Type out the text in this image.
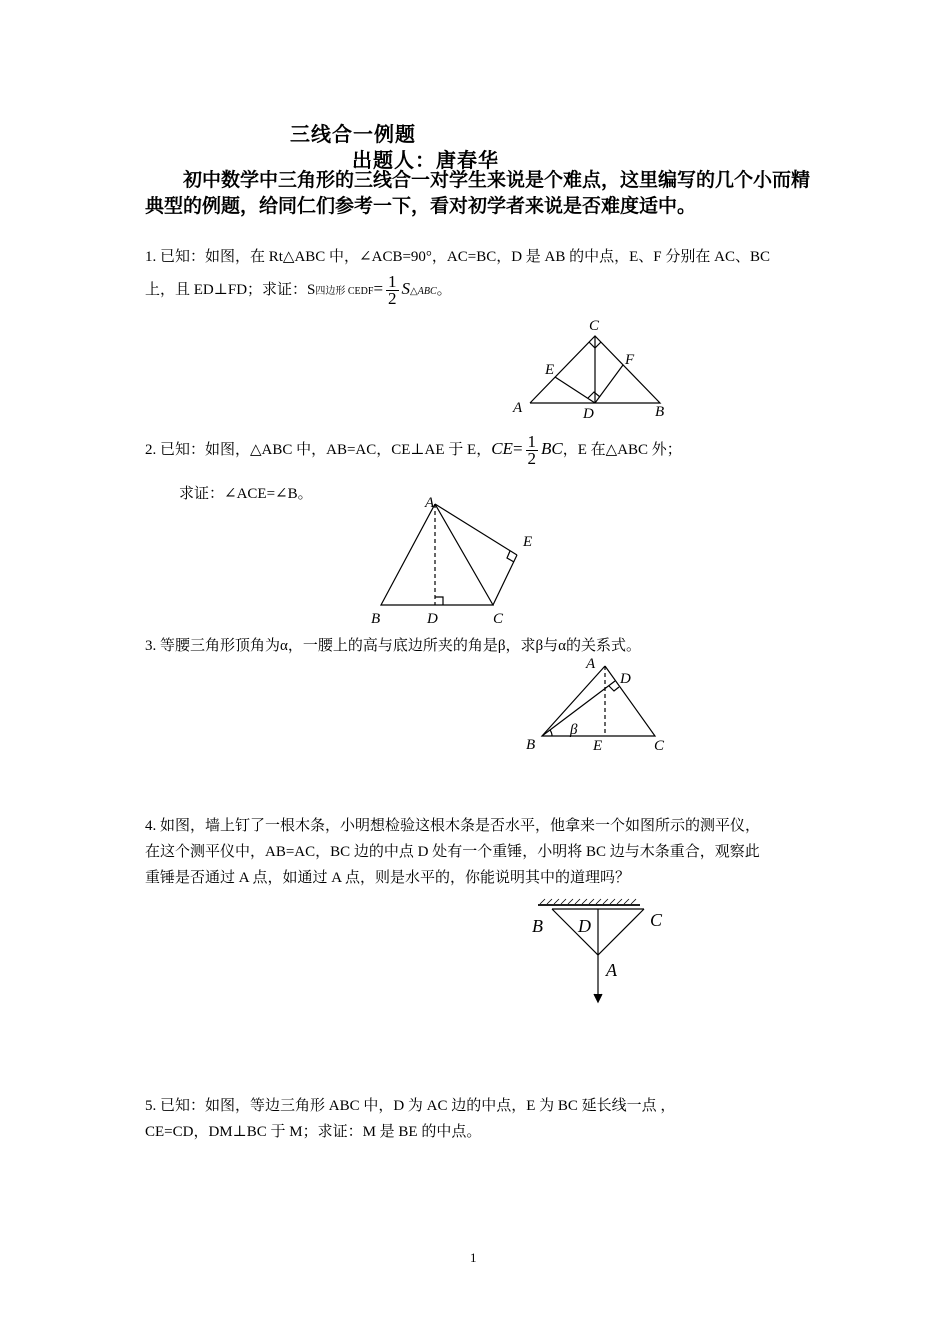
三线合一例题
出题人：唐春华
初中数学中三角形的三线合一对学生来说是个难点，这里编写的几个小而精典型的例题，给同仁们参考一下，看对初学者来说是否难度适中。
1. 已知：如图，在 Rt△ABC 中，∠ACB=90°，AC=BC，D 是 AB 的中点，E、F 分别在 AC、BC
上，且 ED⊥FD；求证：S四边形 CEDF= $\frac{1}{2}$ S△ABC。
C
E
F
A	D	B
2. 已知：如图，△ABC 中，AB=AC，CE⊥AE 于 E，$CE= \frac{1}{2}$ BC，E 在△ABC 外；
求证：∠ACE=∠B。
A
E
B	D	C
3. 等腰三角形顶角为α，一腰上的高与底边所夹的角是β，求β与α的关系式。
A
D
β
B	E	C
4. 如图，墙上钉了一根木条，小明想检验这根木条是否水平，他拿来一个如图所示的测平仪，
在这个测平仪中，AB=AC，BC 边的中点 D 处有一个重锤，小明将 BC 边与木条重合，观察此
重锤是否通过 A 点，如通过 A 点，则是水平的，你能说明其中的道理吗？
B D	C
A
5. 已知：如图，等边三角形 ABC 中，D 为 AC 边的中点，E 为 BC 延长线一点 ，
CE=CD，DM⊥BC 于 M；求证：M 是 BE 的中点。
1
